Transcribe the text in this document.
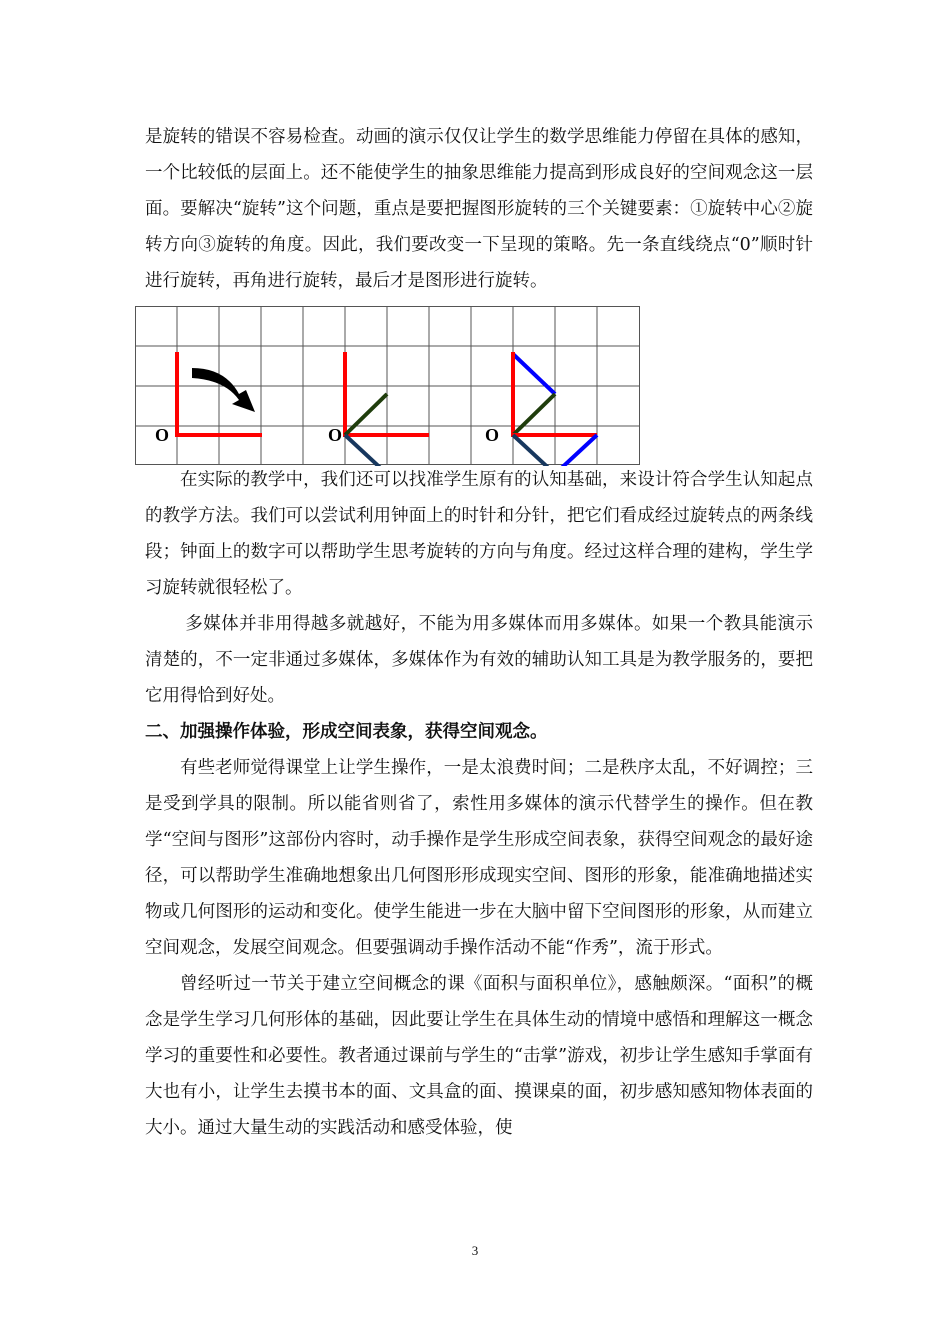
是旋转的错误不容易检查。动画的演示仅仅让学生的数学思维能力停留在具体的感知，一个比较低的层面上。还不能使学生的抽象思维能力提高到形成良好的空间观念这一层面。要解决“旋转”这个问题，重点是要把握图形旋转的三个关键要素：①旋转中心②旋转方向③旋转的角度。因此，我们要改变一下呈现的策略。先一条直线绕点“0”顺时针进行旋转，再角进行旋转，最后才是图形进行旋转。

O	O	O

在实际的教学中，我们还可以找准学生原有的认知基础，来设计符合学生认知起点的教学方法。我们可以尝试利用钟面上的时针和分针，把它们看成经过旋转点的两条线段；钟面上的数字可以帮助学生思考旋转的方向与角度。经过这样合理的建构，学生学习旋转就很轻松了。

多媒体并非用得越多就越好，不能为用多媒体而用多媒体。如果一个教具能演示清楚的，不一定非通过多媒体，多媒体作为有效的辅助认知工具是为教学服务的，要把它用得恰到好处。

二、加强操作体验，形成空间表象，获得空间观念。

有些老师觉得课堂上让学生操作，一是太浪费时间；二是秩序太乱，不好调控；三是受到学具的限制。所以能省则省了，索性用多媒体的演示代替学生的操作。但在教学“空间与图形”这部份内容时，动手操作是学生形成空间表象，获得空间观念的最好途径，可以帮助学生准确地想象出几何图形形成现实空间、图形的形象，能准确地描述实物或几何图形的运动和变化。使学生能进一步在大脑中留下空间图形的形象，从而建立空间观念，发展空间观念。但要强调动手操作活动不能“作秀”，流于形式。

曾经听过一节关于建立空间概念的课《面积与面积单位》，感触颇深。“面积”的概念是学生学习几何形体的基础，因此要让学生在具体生动的情境中感悟和理解这一概念学习的重要性和必要性。教者通过课前与学生的“击掌”游戏，初步让学生感知手掌面有大也有小，让学生去摸书本的面、文具盒的面、摸课桌的面，初步感知感知物体表面的大小。通过大量生动的实践活动和感受体验，使

3
